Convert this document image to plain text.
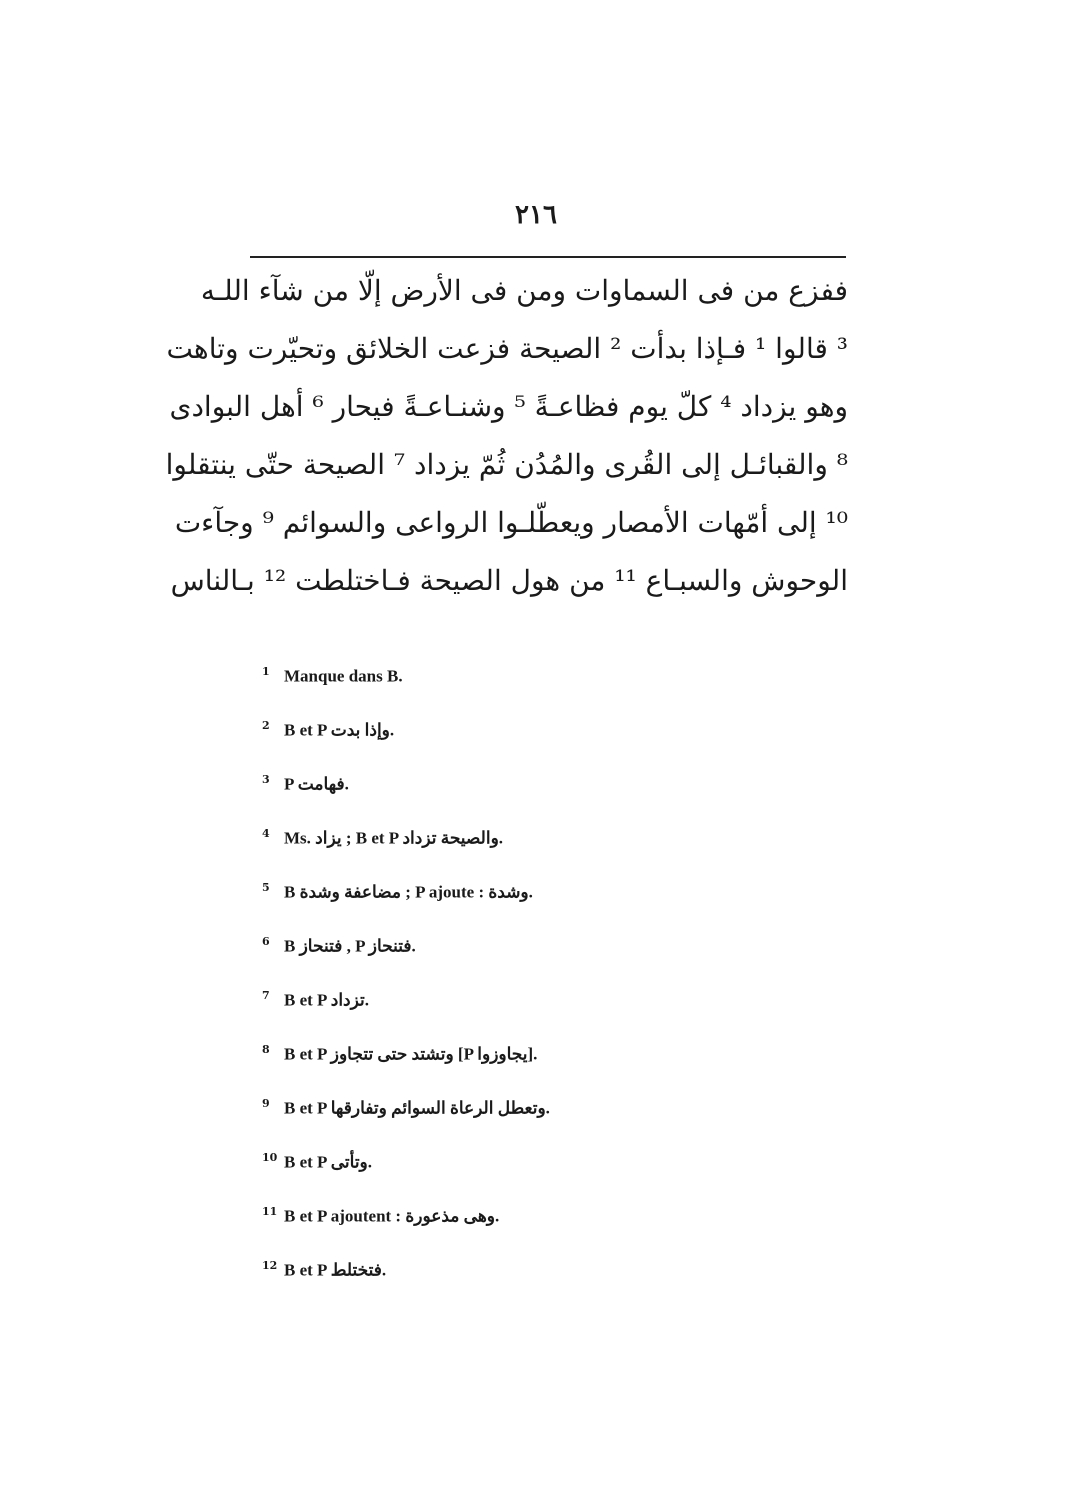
٢١٦
ففزع من فى السماوات ومن فى الأرض إلّا من شآء اللـه
³ قالوا ¹ فـإذا بدأت ² الصيحة فزعت الخلائق وتحيّرت وتاهت
وهو يزداد ⁴ كلّ يوم فظاعـةً ⁵ وشنـاعـةً فيحار ⁶ أهل البوادى
⁸ والقبائـل إلى القُرى والمُدُن ثُمّ يزداد ⁷ الصيحة حتّى ينتقلوا
¹⁰ إلى أمّهات الأمصار ويعطّلـوا الرواعى والسوائم ⁹ وجآءت
الوحوش والسبـاع ¹¹ من هول الصيحة فـاختلطت ¹² بـالناس
1 Manque dans B.
2 B et P وإذا بدت.
3 P فهامت.
4 Ms. يزاد ; B et P والصيحة تزداد.
5 B مضاعفة وشدة ; P ajoute : وشدة.
6 B فتنحاز , P فتنحاز.
7 B et P تزداد.
8 B et P وتشتد حتى تتجاوز [P يجاوزوا].
9 B et P وتعطل الرعاة السوائم وتفارقها.
10 B et P وتأتى.
11 B et P ajoutent : وهى مذعورة.
12 B et P فتختلط.
